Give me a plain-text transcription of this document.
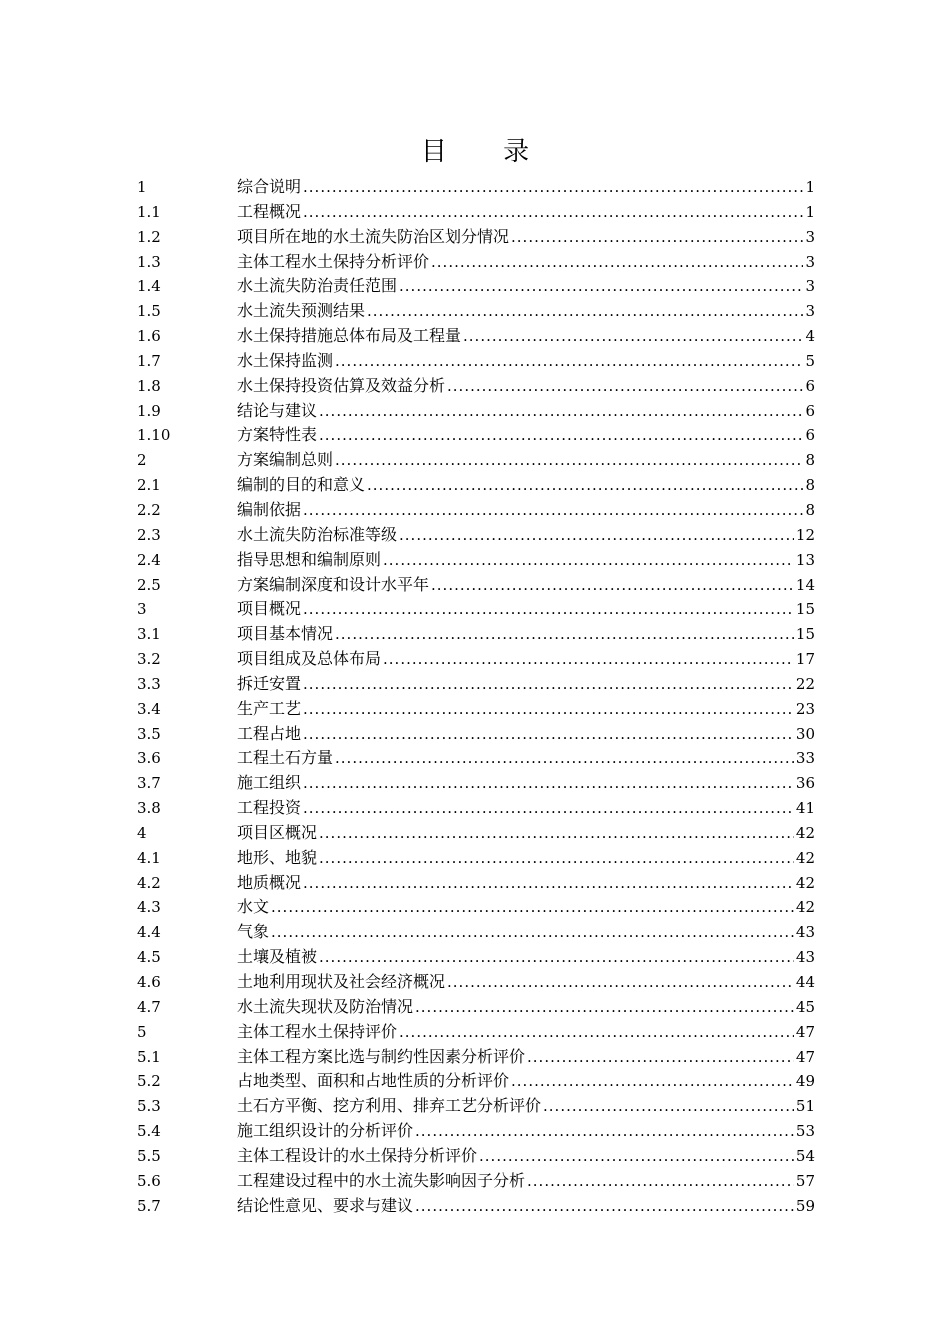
目 录
1	综合说明 .....	1
1.1	工程概况 .....	1
1.2	项目所在地的水土流失防治区划分情况 .....	3
1.3	主体工程水土保持分析评价 .....	3
1.4	水土流失防治责任范围 .....	3
1.5	水土流失预测结果 .....	3
1.6	水土保持措施总体布局及工程量 .....	4
1.7	水土保持监测 .....	5
1.8	水土保持投资估算及效益分析 .....	6
1.9	结论与建议 .....	6
1.10	方案特性表 .....	6
2	方案编制总则 .....	8
2.1	编制的目的和意义 .....	8
2.2	编制依据 .....	8
2.3	水土流失防治标准等级 .....	12
2.4	指导思想和编制原则 .....	13
2.5	方案编制深度和设计水平年 .....	14
3	项目概况 .....	15
3.1	项目基本情况 .....	15
3.2	项目组成及总体布局 .....	17
3.3	拆迁安置 .....	22
3.4	生产工艺 .....	23
3.5	工程占地 .....	30
3.6	工程土石方量 .....	33
3.7	施工组织 .....	36
3.8	工程投资 .....	41
4	项目区概况 .....	42
4.1	地形、地貌 .....	42
4.2	地质概况 .....	42
4.3	水文 .....	42
4.4	气象 .....	43
4.5	土壤及植被 .....	43
4.6	土地利用现状及社会经济概况 .....	44
4.7	水土流失现状及防治情况 .....	45
5	主体工程水土保持评价 .....	47
5.1	主体工程方案比选与制约性因素分析评价 .....	47
5.2	占地类型、面积和占地性质的分析评价 .....	49
5.3	土石方平衡、挖方利用、排弃工艺分析评价 .....	51
5.4	施工组织设计的分析评价 .....	53
5.5	主体工程设计的水土保持分析评价 .....	54
5.6	工程建设过程中的水土流失影响因子分析 .....	57
5.7	结论性意见、要求与建议 .....	59
